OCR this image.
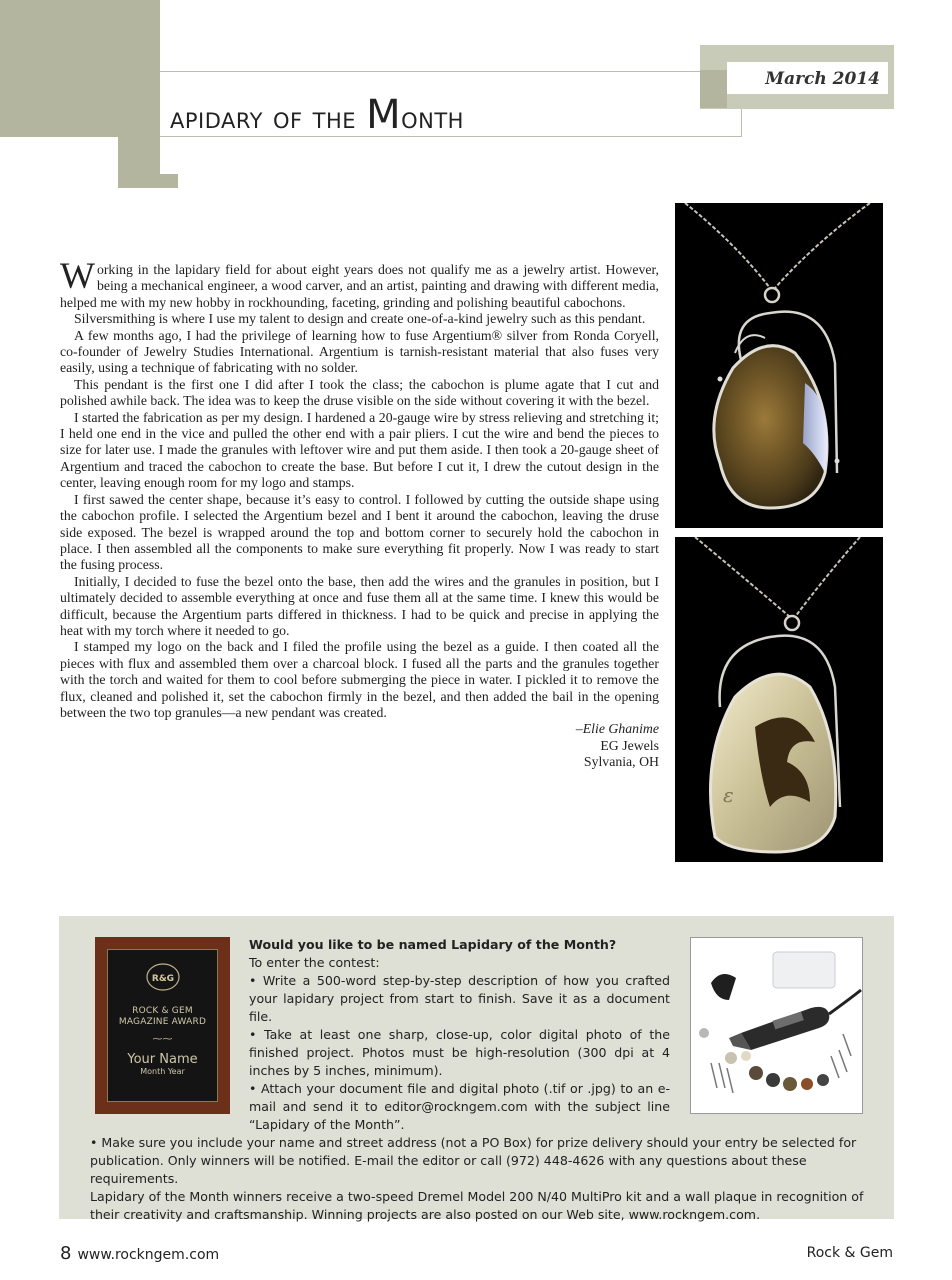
apidary of the Month
March 2014

Working in the lapidary field for about eight years does not qualify me as a jewelry artist. However, being a mechanical engineer, a wood carver, and an artist, painting and drawing with different media, helped me with my new hobby in rockhounding, faceting, grinding and polishing beautiful cabochons.

Silversmithing is where I use my talent to design and create one-of-a-kind jewelry such as this pendant.

A few months ago, I had the privilege of learning how to fuse Argentium® silver from Ronda Coryell, co-founder of Jewelry Studies International. Argentium is tarnish-resistant material that also fuses very easily, using a technique of fabricating with no solder.

This pendant is the first one I did after I took the class; the cabochon is plume agate that I cut and polished awhile back. The idea was to keep the druse visible on the side without covering it with the bezel.

I started the fabrication as per my design. I hardened a 20-gauge wire by stress relieving and stretching it; I held one end in the vice and pulled the other end with a pair pliers. I cut the wire and bend the pieces to size for later use. I made the granules with leftover wire and put them aside. I then took a 20-gauge sheet of Argentium and traced the cabochon to create the base. But before I cut it, I drew the cutout design in the center, leaving enough room for my logo and stamps.

I first sawed the center shape, because it’s easy to control. I followed by cutting the outside shape using the cabochon profile. I selected the Argentium bezel and I bent it around the cabochon, leaving the druse side exposed. The bezel is wrapped around the top and bottom corner to securely hold the cabochon in place. I then assembled all the components to make sure everything fit properly. Now I was ready to start the fusing process.

Initially, I decided to fuse the bezel onto the base, then add the wires and the granules in position, but I ultimately decided to assemble everything at once and fuse them all at the same time. I knew this would be difficult, because the Argentium parts differed in thickness. I had to be quick and precise in applying the heat with my torch where it needed to go.

I stamped my logo on the back and I filed the profile using the bezel as a guide. I then coated all the pieces with flux and assembled them over a charcoal block. I fused all the parts and the granules together with the torch and waited for them to cool before submerging the piece in water. I pickled it to remove the flux, cleaned and polished it, set the cabochon firmly in the bezel, and then added the bail in the opening between the two top granules—a new pendant was created.

–Elie Ghanime
EG Jewels
Sylvania, OH
ε
R&G
ROCK & GEM
MAGAZINE AWARD
⁓⁓
Your Name
Month Year

Would you like to be named Lapidary of the Month?

To enter the contest:

• Write a 500-word step-by-step description of how you crafted your lapidary project from start to finish. Save it as a document file.

• Take at least one sharp, close-up, color digital photo of the finished project. Photos must be high-resolution (300 dpi at 4 inches by 5 inches, minimum).

• Attach your document file and digital photo (.tif or .jpg) to an e-mail and send it to editor@rockngem.com with the subject line “Lapidary of the Month”.

• Make sure you include your name and street address (not a PO Box) for prize delivery should your entry be selected for publication. Only winners will be notified. E-mail the editor or call (972) 448-4626 with any questions about these requirements.

Lapidary of the Month winners receive a two-speed Dremel Model 200 N/40 MultiPro kit and a wall plaque in recognition of their creativity and craftsmanship. Winning projects are also posted on our Web site, www.rockngem.com.

8 www.rockngem.com	Rock & Gem
